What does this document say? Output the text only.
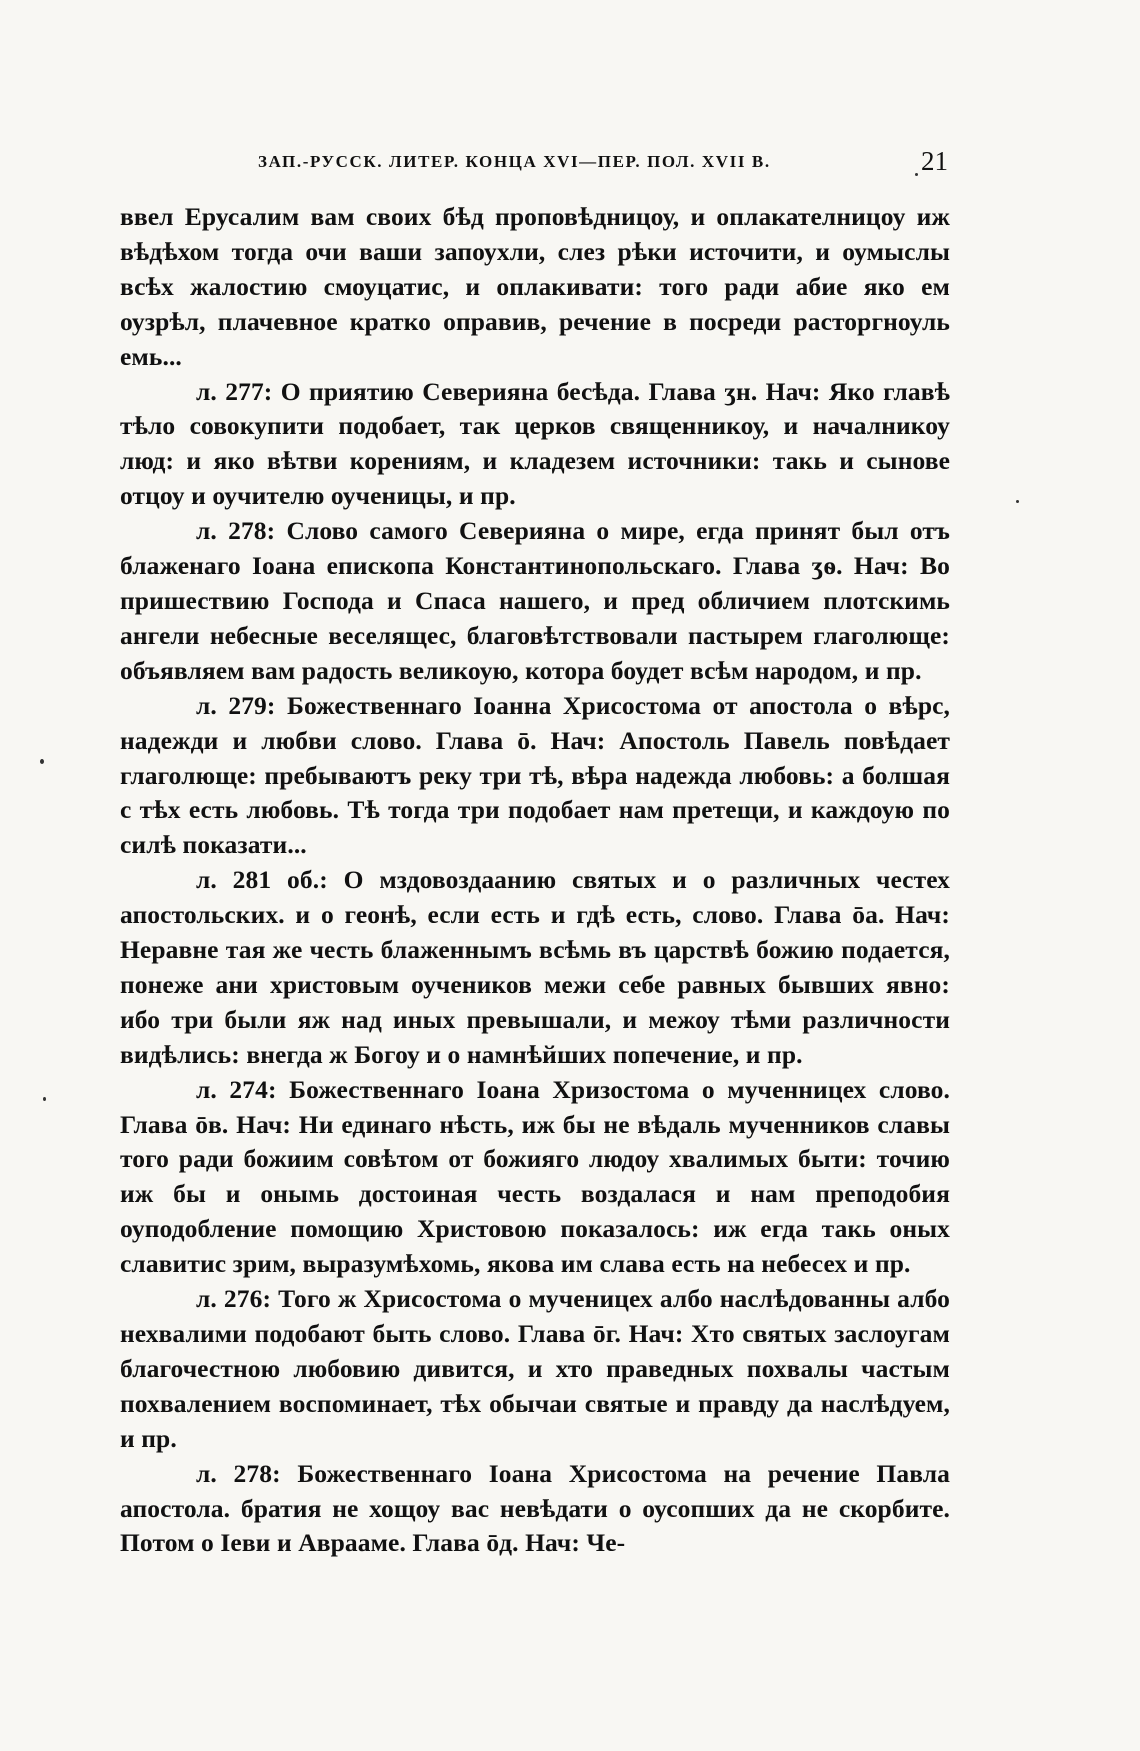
ЗАП.-РУССК. ЛИТЕР. КОНЦА XVI—ПЕР. ПОЛ. XVII В.	21

ввел Ерусалим вам своих бѣд проповѣдницоу, и оплакателницоу иж вѣдѣхом тогда очи ваши запоухли, слез рѣки источити, и оумыслы всѣх жалостию смоуцатис, и оплакивати: того ради абие яко ем оузрѣл, плачевное кратко оправив, речение в посреди расторгноуль емь...

л. 277: О приятию Севериянa бесѣда. Глава ӡн. Нач: Яко главѣ тѣло совокупити подобает, так церков священникоу, и началникоу люд: и яко вѣтви корениям, и кладезем источники: такь и сынове отцоу и оучителю оученицы, и пр.

л. 278: Слово самого Севериянa о мире, егда принят был отъ блаженаго Іоана епископа Константинопольскаго. Глава ӡѳ. Нач: Во пришествию Господа и Спаса нашего, и пред обличием плотскимь ангели небесные веселящес, благовѣтствовали пастырем глаголюще: объявляем вам радость великоую, котора боудет всѣм народом, и пр.

л. 279: Божественнаго Іоанна Хрисостома от апостола о вѣрс, надежди и любви слово. Глава ō. Нач: Апостоль Павель повѣдает глаголюще: пребываютъ реку три тѣ, вѣра надежда любовь: а болшая с тѣх есть любовь. Тѣ тогда три подобает нам претещи, и каждоую по силѣ показати...

л. 281 об.: О мздовоздаанию святых и о различных честех апостольских. и о геонѣ, если есть и гдѣ есть, слово. Глава ōа. Нач: Неравне тая же честь блаженнымъ всѣмь въ царствѣ божию подается, понеже ани христовым оучеников межи себе равных бывших явно: ибо три были яж над иных превышали, и межоу тѣми различности видѣлись: внегда ж Богоу и о намнѣйших попечение, и пр.

л. 274: Божественнаго Іоана Хризостома о мученницех слово. Глава ōв. Нач: Ни единаго нѣсть, иж бы не вѣдаль мученников славы того ради божиим совѣтом от божияго людоу хвалимых быти: точию иж бы и онымь достоиная честь воздалася и нам преподобия оуподобление помощию Христовою показалось: иж егда такь оных славитис зрим, выразумѣхомь, якова им слава есть на небесех и пр.

л. 276: Того ж Хрисостома о мученицех албо наслѣдованны албо нехвалими подобают быть слово. Глава ōг. Нач: Хто святых заслоугам благочестною любовию дивится, и хто праведных похвалы частым похвалением воспоминает, тѣх обычаи святые и правду да наслѣдуем, и пр.

л. 278: Божественнаго Іоана Хрисостома на речение Павла апостола. братия не хощоу вас невѣдати о оусопших да не скорбите. Потом о Іеви и Аврааме. Глава ōд. Нач: Че-
